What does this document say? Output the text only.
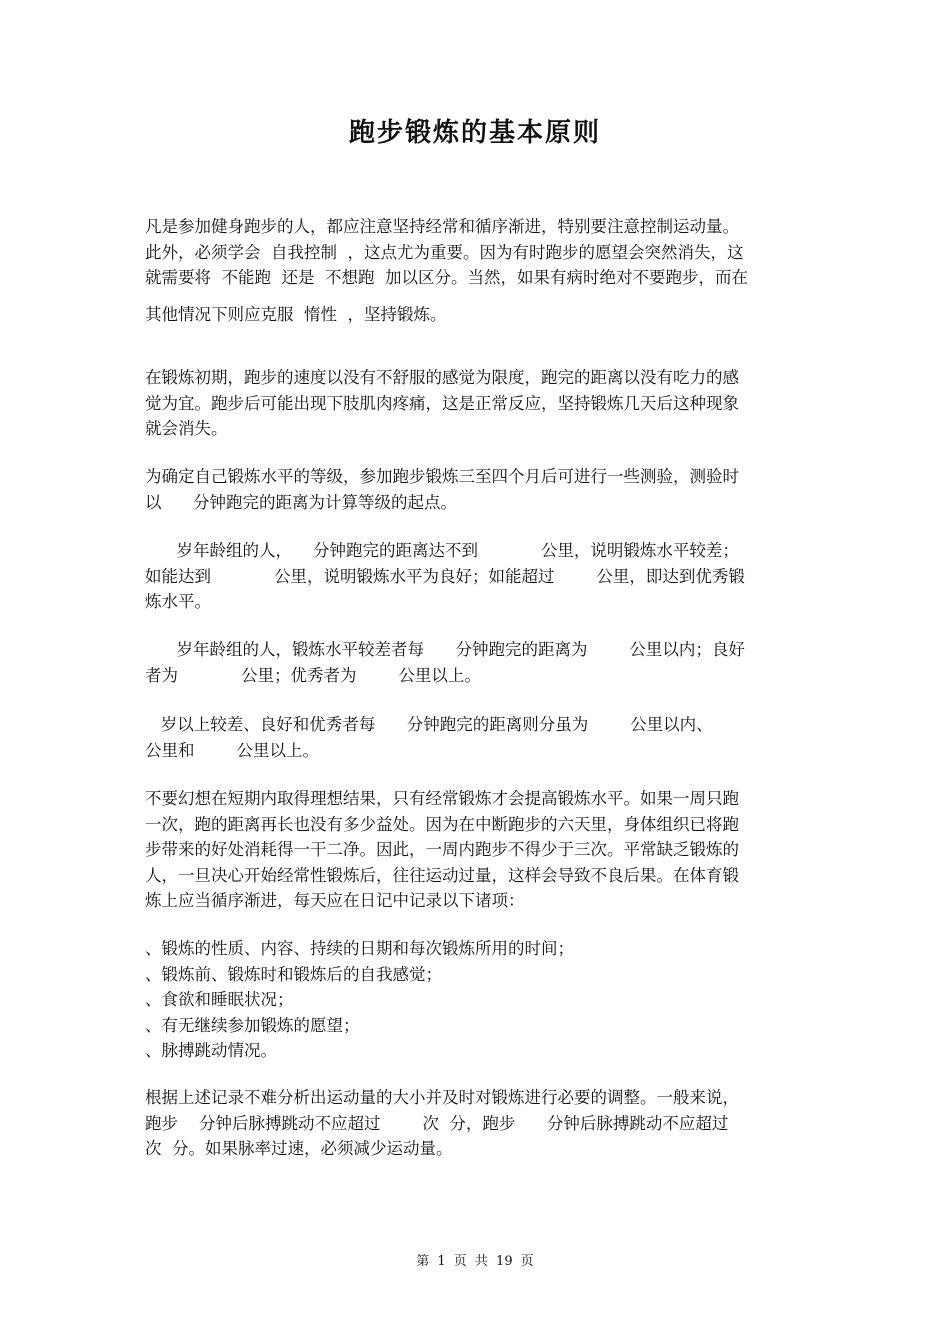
跑步锻炼的基本原则
凡是参加健身跑步的人，都应注意坚持经常和循序渐进，特别要注意控制运动量。
此外，必须学会  自我控制  ，这点尤为重要。因为有时跑步的愿望会突然消失，这
就需要将  不能跑  还是  不想跑  加以区分。当然，如果有病时绝对不要跑步，而在
其他情况下则应克服  惰性  ，坚持锻炼。
在锻炼初期，跑步的速度以没有不舒服的感觉为限度，跑完的距离以没有吃力的感
觉为宜。跑步后可能出现下肢肌肉疼痛，这是正常反应，坚持锻炼几天后这种现象
就会消失。
为确定自己锻炼水平的等级，参加跑步锻炼三至四个月后可进行一些测验，测验时
以      分钟跑完的距离为计算等级的起点。
岁年龄组的人，    分钟跑完的距离达不到            公里，说明锻炼水平较差；
如能达到            公里，说明锻炼水平为良好；如能超过        公里，即达到优秀锻
炼水平。
岁年龄组的人，锻炼水平较差者每      分钟跑完的距离为        公里以内；良好
者为            公里；优秀者为        公里以上。
岁以上较差、良好和优秀者每      分钟跑完的距离则分虽为        公里以内、
公里和        公里以上。
不要幻想在短期内取得理想结果，只有经常锻炼才会提高锻炼水平。如果一周只跑
一次，跑的距离再长也没有多少益处。因为在中断跑步的六天里，身体组织已将跑
步带来的好处消耗得一干二净。因此，一周内跑步不得少于三次。平常缺乏锻炼的
人，一旦决心开始经常性锻炼后，往往运动过量，这样会导致不良后果。在体育锻
炼上应当循序渐进，每天应在日记中记录以下诸项：
、锻炼的性质、内容、持续的日期和每次锻炼所用的时间；
、锻炼前、锻炼时和锻炼后的自我感觉；
、食欲和睡眠状况；
、有无继续参加锻炼的愿望；
、脉搏跳动情况。
根据上述记录不难分析出运动量的大小并及时对锻炼进行必要的调整。一般来说，
跑步    分钟后脉搏跳动不应超过        次  分，跑步      分钟后脉搏跳动不应超过
次  分。如果脉率过速，必须减少运动量。
第 1 页 共 19 页
